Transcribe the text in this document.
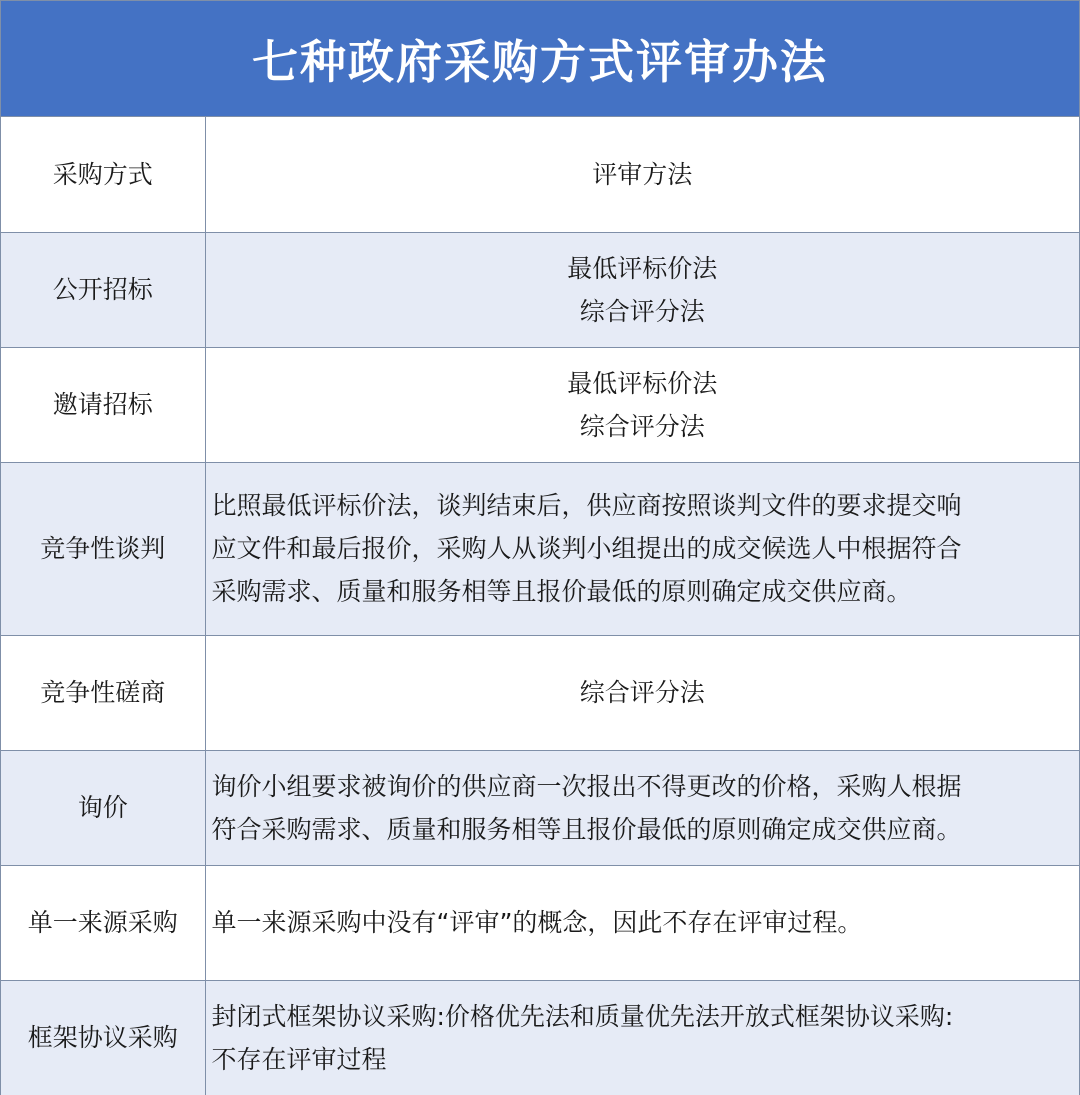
七种政府采购方式评审办法
采购方式	评审方法
公开招标	最低评标价法
综合评分法

邀请招标	最低评标价法
综合评分法

竞争性谈判	比照最低评标价法，谈判结束后，供应商按照谈判文件的要求提交响
应文件和最后报价，采购人从谈判小组提出的成交候选人中根据符合
采购需求、质量和服务相等且报价最低的原则确定成交供应商。

竞争性磋商	综合评分法

询价	询价小组要求被询价的供应商一次报出不得更改的价格，采购人根据
符合采购需求、质量和服务相等且报价最低的原则确定成交供应商。

单一来源采购	单一来源采购中没有“评审”的概念，因此不存在评审过程。

框架协议采购	封闭式框架协议采购:价格优先法和质量优先法开放式框架协议采购:
不存在评审过程
